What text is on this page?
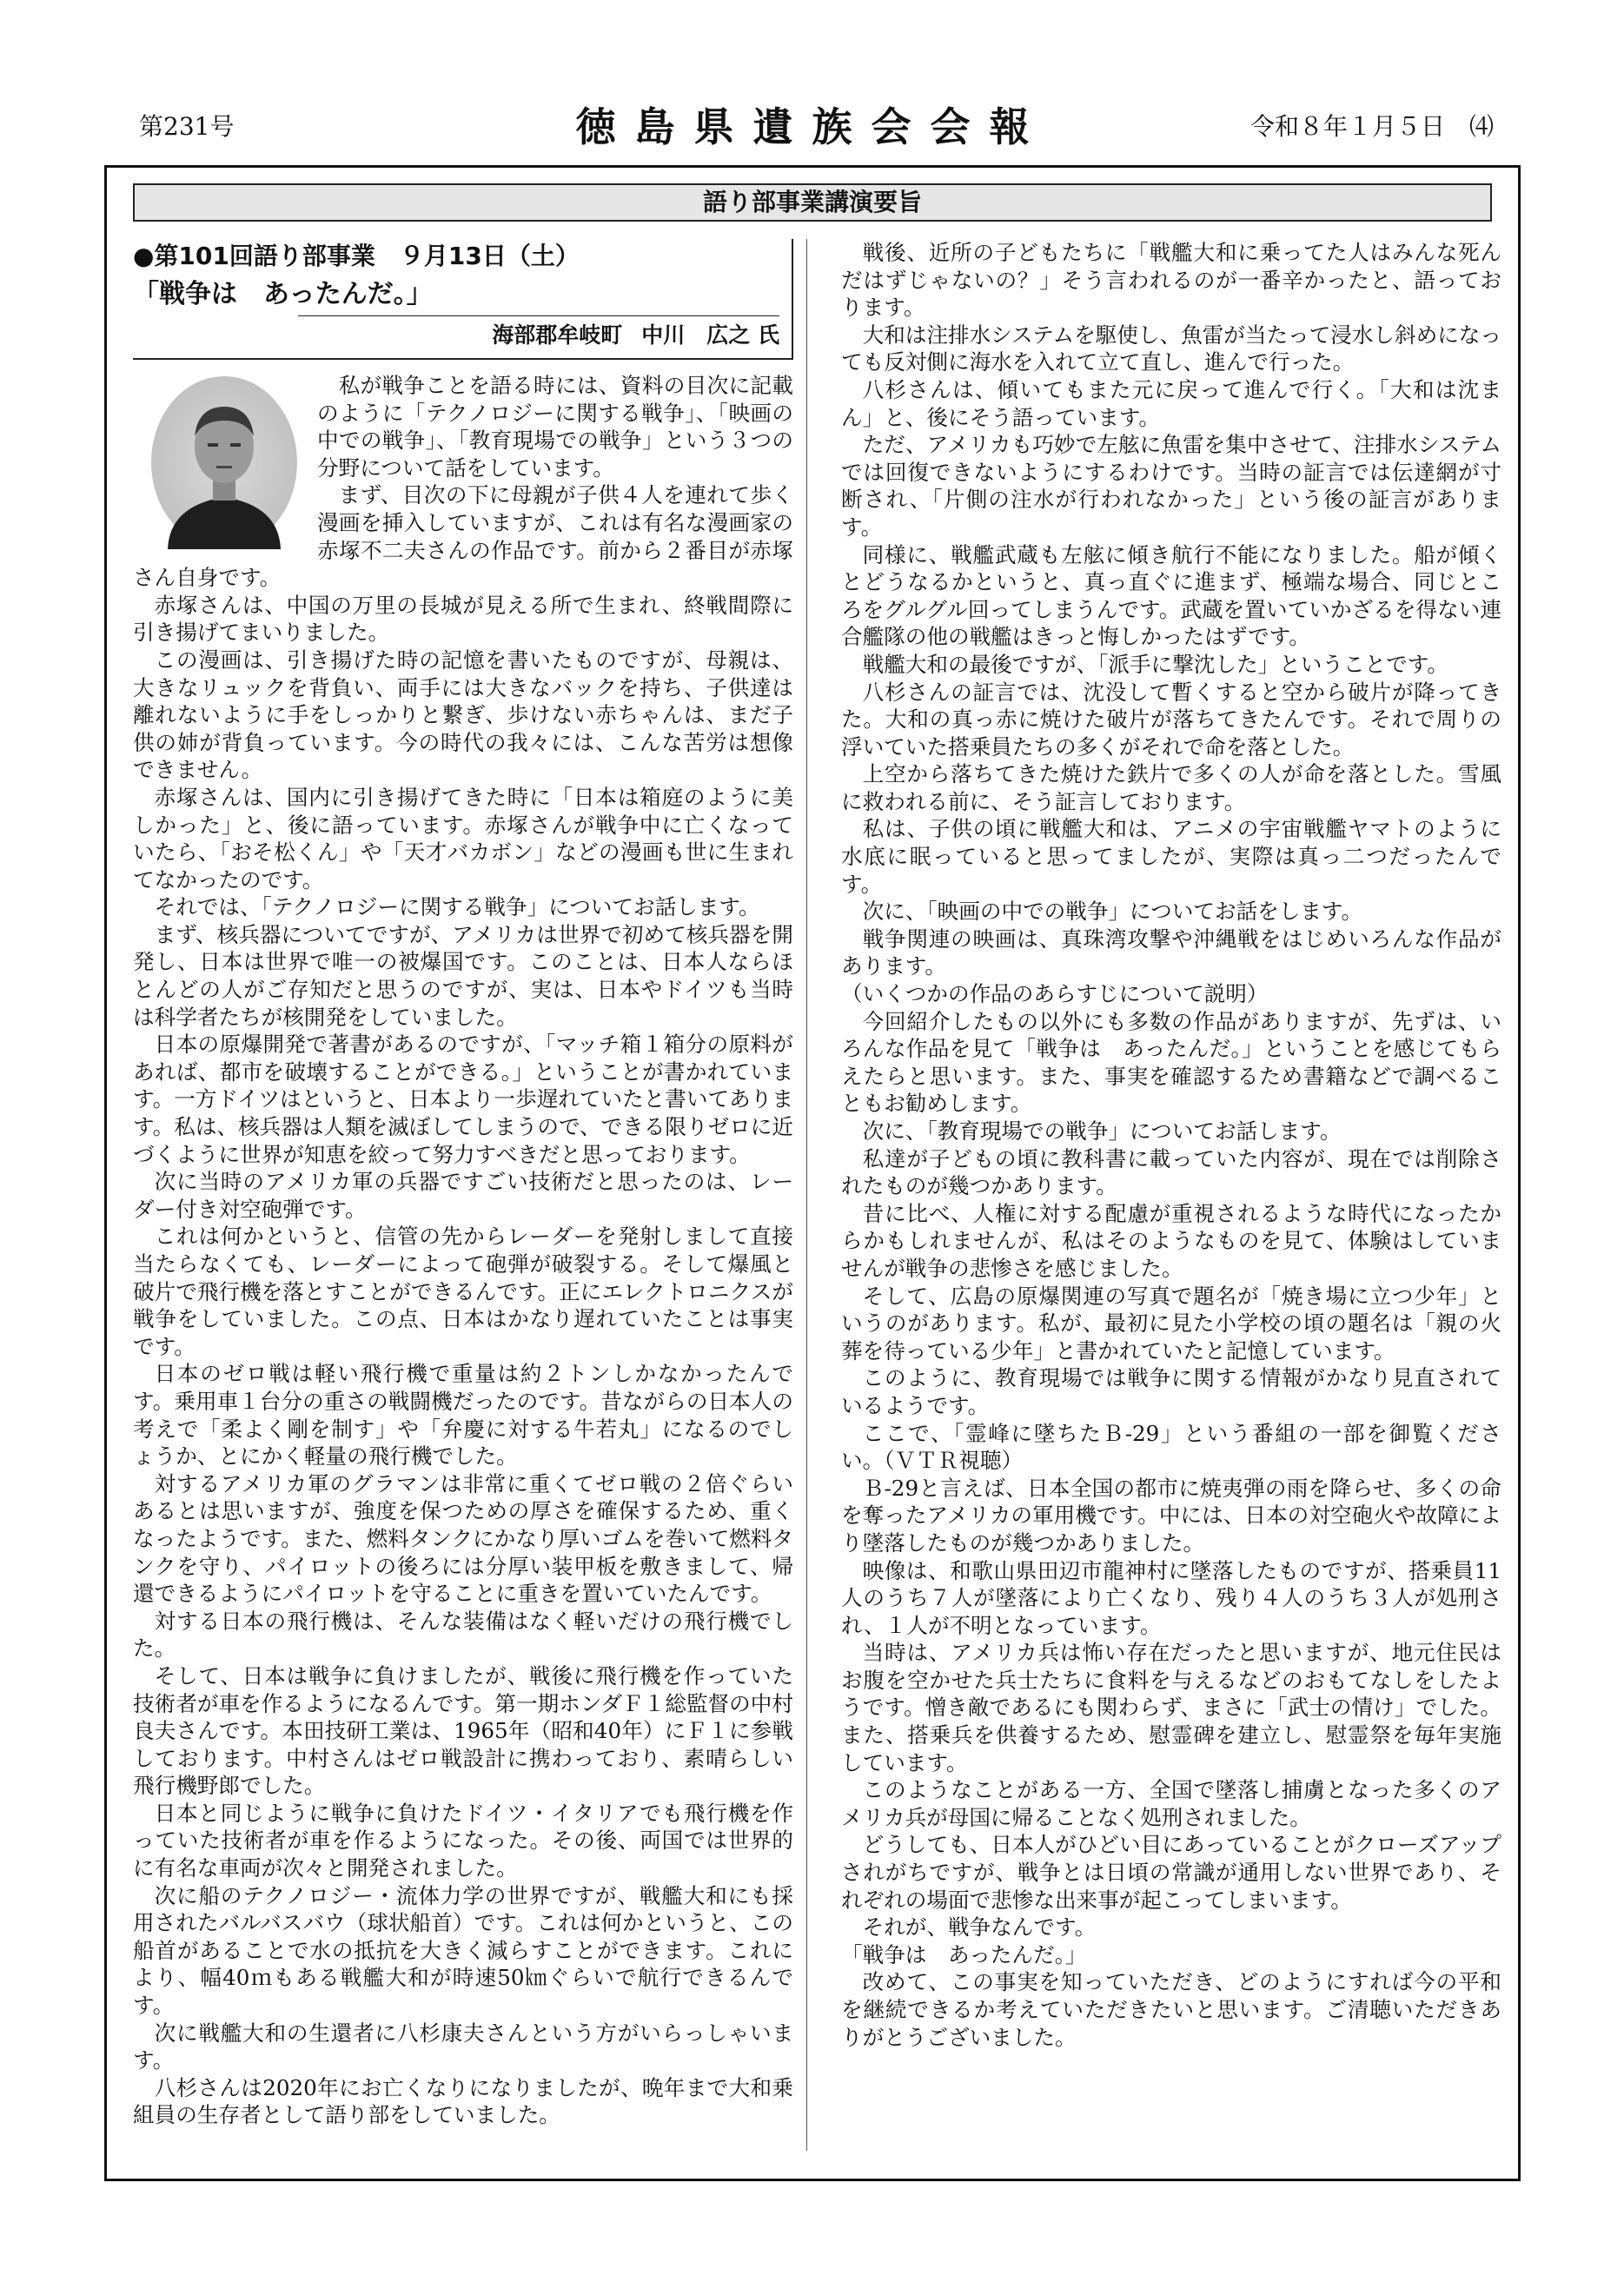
第231号	徳島県遺族会会報	令和８年１月５日　⑷
語り部事業講演要旨
●第101回語り部事業　９月13日（土）
「戦争は　あったんだ。」
海部郡牟岐町 中川　広之 氏

私が戦争ことを語る時には、資料の目次に記載のように「テクノロジーに関する戦争」、「映画の中での戦争」、「教育現場での戦争」という３つの分野について話をしています。

まず、目次の下に母親が子供４人を連れて歩く漫画を挿入していますが、これは有名な漫画家の赤塚不二夫さんの作品です。前から２番目が赤塚さん自身です。

赤塚さんは、中国の万里の長城が見える所で生まれ、終戦間際に引き揚げてまいりました。

この漫画は、引き揚げた時の記憶を書いたものですが、母親は、大きなリュックを背負い、両手には大きなバックを持ち、子供達は離れないように手をしっかりと繋ぎ、歩けない赤ちゃんは、まだ子供の姉が背負っています。今の時代の我々には、こんな苦労は想像できません。

赤塚さんは、国内に引き揚げてきた時に「日本は箱庭のように美しかった」と、後に語っています。赤塚さんが戦争中に亡くなっていたら、「おそ松くん」や「天才バカボン」などの漫画も世に生まれてなかったのです。

それでは、「テクノロジーに関する戦争」についてお話します。

まず、核兵器についてですが、アメリカは世界で初めて核兵器を開発し、日本は世界で唯一の被爆国です。このことは、日本人ならほとんどの人がご存知だと思うのですが、実は、日本やドイツも当時は科学者たちが核開発をしていました。

日本の原爆開発で著書があるのですが、「マッチ箱１箱分の原料があれば、都市を破壊することができる。」ということが書かれています。一方ドイツはというと、日本より一歩遅れていたと書いてあります。私は、核兵器は人類を滅ぼしてしまうので、できる限りゼロに近づくように世界が知恵を絞って努力すべきだと思っております。

次に当時のアメリカ軍の兵器ですごい技術だと思ったのは、レーダー付き対空砲弾です。

これは何かというと、信管の先からレーダーを発射しまして直接当たらなくても、レーダーによって砲弾が破裂する。そして爆風と破片で飛行機を落とすことができるんです。正にエレクトロニクスが戦争をしていました。この点、日本はかなり遅れていたことは事実です。

日本のゼロ戦は軽い飛行機で重量は約２トンしかなかったんです。乗用車１台分の重さの戦闘機だったのです。昔ながらの日本人の考えで「柔よく剛を制す」や「弁慶に対する牛若丸」になるのでしょうか、とにかく軽量の飛行機でした。

対するアメリカ軍のグラマンは非常に重くてゼロ戦の２倍ぐらいあるとは思いますが、強度を保つための厚さを確保するため、重くなったようです。また、燃料タンクにかなり厚いゴムを巻いて燃料タンクを守り、パイロットの後ろには分厚い装甲板を敷きまして、帰還できるようにパイロットを守ることに重きを置いていたんです。

対する日本の飛行機は、そんな装備はなく軽いだけの飛行機でした。

そして、日本は戦争に負けましたが、戦後に飛行機を作っていた技術者が車を作るようになるんです。第一期ホンダＦ１総監督の中村良夫さんです。本田技研工業は、1965年（昭和40年）にＦ１に参戦しております。中村さんはゼロ戦設計に携わっており、素晴らしい飛行機野郎でした。

日本と同じように戦争に負けたドイツ・イタリアでも飛行機を作っていた技術者が車を作るようになった。その後、両国では世界的に有名な車両が次々と開発されました。

次に船のテクノロジー・流体力学の世界ですが、戦艦大和にも採用されたバルバスバウ（球状船首）です。これは何かというと、この船首があることで水の抵抗を大きく減らすことができます。これにより、幅40ｍもある戦艦大和が時速50㎞ぐらいで航行できるんです。

次に戦艦大和の生還者に八杉康夫さんという方がいらっしゃいます。

八杉さんは2020年にお亡くなりになりましたが、晩年まで大和乗組員の生存者として語り部をしていました。

戦後、近所の子どもたちに「戦艦大和に乗ってた人はみんな死んだはずじゃないの？」そう言われるのが一番辛かったと、語っております。

大和は注排水システムを駆使し、魚雷が当たって浸水し斜めになっても反対側に海水を入れて立て直し、進んで行った。

八杉さんは、傾いてもまた元に戻って進んで行く。「大和は沈まん」と、後にそう語っています。

ただ、アメリカも巧妙で左舷に魚雷を集中させて、注排水システムでは回復できないようにするわけです。当時の証言では伝達網が寸断され、「片側の注水が行われなかった」という後の証言があります。

同様に、戦艦武蔵も左舷に傾き航行不能になりました。船が傾くとどうなるかというと、真っ直ぐに進まず、極端な場合、同じところをグルグル回ってしまうんです。武蔵を置いていかざるを得ない連合艦隊の他の戦艦はきっと悔しかったはずです。

戦艦大和の最後ですが、「派手に撃沈した」ということです。

八杉さんの証言では、沈没して暫くすると空から破片が降ってきた。大和の真っ赤に焼けた破片が落ちてきたんです。それで周りの浮いていた搭乗員たちの多くがそれで命を落とした。

上空から落ちてきた焼けた鉄片で多くの人が命を落とした。雪風に救われる前に、そう証言しております。

私は、子供の頃に戦艦大和は、アニメの宇宙戦艦ヤマトのように水底に眠っていると思ってましたが、実際は真っ二つだったんです。

次に、「映画の中での戦争」についてお話をします。

戦争関連の映画は、真珠湾攻撃や沖縄戦をはじめいろんな作品があります。

（いくつかの作品のあらすじについて説明）

今回紹介したもの以外にも多数の作品がありますが、先ずは、いろんな作品を見て「戦争は　あったんだ。」ということを感じてもらえたらと思います。また、事実を確認するため書籍などで調べることもお勧めします。

次に、「教育現場での戦争」についてお話します。

私達が子どもの頃に教科書に載っていた内容が、現在では削除されたものが幾つかあります。

昔に比べ、人権に対する配慮が重視されるような時代になったからかもしれませんが、私はそのようなものを見て、体験はしていませんが戦争の悲惨さを感じました。

そして、広島の原爆関連の写真で題名が「焼き場に立つ少年」というのがあります。私が、最初に見た小学校の頃の題名は「親の火葬を待っている少年」と書かれていたと記憶しています。

このように、教育現場では戦争に関する情報がかなり見直されているようです。

ここで、「霊峰に墜ちたＢ-29」という番組の一部を御覧ください。（ＶＴＲ視聴）

Ｂ-29と言えば、日本全国の都市に焼夷弾の雨を降らせ、多くの命を奪ったアメリカの軍用機です。中には、日本の対空砲火や故障により墜落したものが幾つかありました。

映像は、和歌山県田辺市龍神村に墜落したものですが、搭乗員11人のうち７人が墜落により亡くなり、残り４人のうち３人が処刑され、１人が不明となっています。

当時は、アメリカ兵は怖い存在だったと思いますが、地元住民はお腹を空かせた兵士たちに食料を与えるなどのおもてなしをしたようです。憎き敵であるにも関わらず、まさに「武士の情け」でした。また、搭乗兵を供養するため、慰霊碑を建立し、慰霊祭を毎年実施しています。

このようなことがある一方、全国で墜落し捕虜となった多くのアメリカ兵が母国に帰ることなく処刑されました。

どうしても、日本人がひどい目にあっていることがクローズアップされがちですが、戦争とは日頃の常識が通用しない世界であり、それぞれの場面で悲惨な出来事が起こってしまいます。

それが、戦争なんです。

「戦争は　あったんだ。」

改めて、この事実を知っていただき、どのようにすれば今の平和を継続できるか考えていただきたいと思います。ご清聴いただきありがとうございました。
